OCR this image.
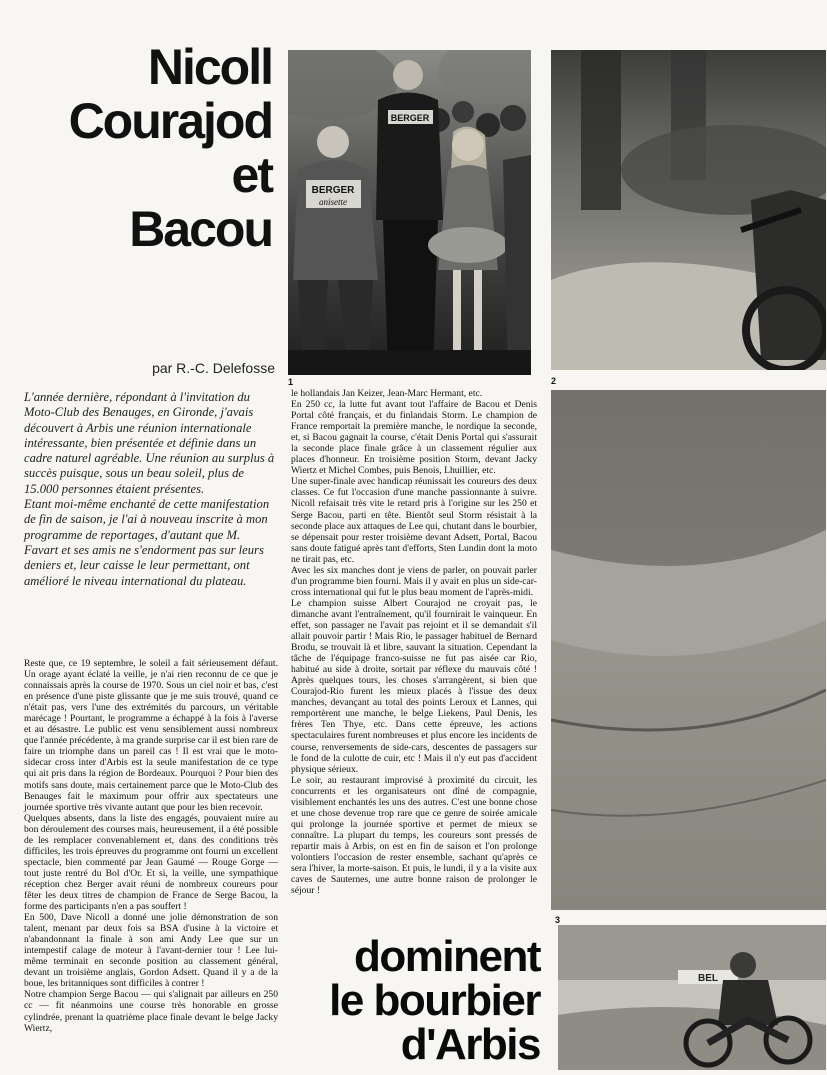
Nicoll
Courajod
et
Bacou
par R.-C. Delefosse
L'année dernière, répondant à l'invitation du Moto-Club des Benauges, en Gironde, j'avais découvert à Arbis une réunion internationale intéressante, bien présentée et définie dans un cadre naturel agréable. Une réunion au surplus à succès puisque, sous un beau soleil, plus de 15.000 personnes étaient présentes.
Etant moi-même enchanté de cette manifestation de fin de saison, je l'ai à nouveau inscrite à mon programme de reportages, d'autant que M. Favart et ses amis ne s'endorment pas sur leurs deniers et, leur caisse le leur permettant, ont amélioré le niveau international du plateau.
Reste que, ce 19 septembre, le soleil a fait sérieusement défaut. Un orage ayant éclaté la veille, je n'ai rien reconnu de ce que je connaissais après la course de 1970. Sous un ciel noir et bas, c'est en présence d'une piste glissante que je me suis trouvé, quand ce n'était pas, vers l'une des extrémités du parcours, un véritable marécage ! Pourtant, le programme a échappé à la fois à l'averse et au désastre. Le public est venu sensiblement aussi nombreux que l'année précédente, à ma grande surprise car il est bien rare de faire un triomphe dans un pareil cas ! Il est vrai que le moto-sidecar cross inter d'Arbis est la seule manifestation de ce type qui ait pris dans la région de Bordeaux. Pourquoi ? Pour bien des motifs sans doute, mais certainement parce que le Moto-Club des Benauges fait le maximum pour offrir aux spectateurs une journée sportive très vivante autant que pour les bien recevoir.
Quelques absents, dans la liste des engagés, pouvaient nuire au bon déroulement des courses mais, heureusement, il a été possible de les remplacer convenablement et, dans des conditions très difficiles, les trois épreuves du programme ont fourni un excellent spectacle, bien commenté par Jean Gaumé — Rouge Gorge — tout juste rentré du Bol d'Or. Et si, la veille, une sympathique réception chez Berger avait réuni de nombreux coureurs pour fêter les deux titres de champion de France de Serge Bacou, la forme des participants n'en a pas souffert !
En 500, Dave Nicoll a donné une jolie démonstration de son talent, menant par deux fois sa BSA d'usine à la victoire et n'abandonnant la finale à son ami Andy Lee que sur un intempestif calage de moteur à l'avant-dernier tour ! Lee lui-même terminait en seconde position au classement général, devant un troisième anglais, Gordon Adsett. Quand il y a de la boue, les britanniques sont difficiles à contrer !
Notre champion Serge Bacou — qui s'alignait par ailleurs en 250 cc — fit néanmoins une course très honorable en grosse cylindrée, prenant la quatrième place finale devant le belge Jacky Wiertz,
le hollandais Jan Keizer, Jean-Marc Hermant, etc.
En 250 cc, la lutte fut avant tout l'affaire de Bacou et Denis Portal côté français, et du finlandais Storm. Le champion de France remportait la première manche, le nordique la seconde, et, si Bacou gagnait la course, c'était Denis Portal qui s'assurait la seconde place finale grâce à un classement régulier aux places d'honneur. En troisième position Storm, devant Jacky Wiertz et Michel Combes, puis Benois, Lhuillier, etc.
Une super-finale avec handicap réunissait les coureurs des deux classes. Ce fut l'occasion d'une manche passionnante à suivre. Nicoll refaisait très vite le retard pris à l'origine sur les 250 et Serge Bacou, parti en tête. Bientôt seul Storm résistait à la seconde place aux attaques de Lee qui, chutant dans le bourbier, se dépensait pour rester troisième devant Adsett, Portal, Bacou sans doute fatigué après tant d'efforts, Sten Lundin dont la moto ne tirait pas, etc.
Avec les six manches dont je viens de parler, on pouvait parler d'un programme bien fourni. Mais il y avait en plus un side-car-cross international qui fut le plus beau moment de l'après-midi.
Le champion suisse Albert Courajod ne croyait pas, le dimanche avant l'entraînement, qu'il fournirait le vainqueur. En effet, son passager ne l'avait pas rejoint et il se demandait s'il allait pouvoir partir ! Mais Rio, le passager habituel de Bernard Brodu, se trouvait là et libre, sauvant la situation. Cependant la tâche de l'équipage franco-suisse ne fut pas aisée car Rio, habitué au side à droite, sortait par réflexe du mauvais côté ! Après quelques tours, les choses s'arrangèrent, si bien que Courajod-Rio furent les mieux placés à l'issue des deux manches, devançant au total des points Leroux et Lannes, qui remportèrent une manche, le belge Liekens, Paul Denis, les frères Ten Thye, etc. Dans cette épreuve, les actions spectaculaires furent nombreuses et plus encore les incidents de course, renversements de side-cars, descentes de passagers sur le fond de la culotte de cuir, etc ! Mais il n'y eut pas d'accident physique sérieux.
Le soir, au restaurant improvisé à proximité du circuit, les concurrents et les organisateurs ont dîné de compagnie, visiblement enchantés les uns des autres. C'est une bonne chose et une chose devenue trop rare que ce genre de soirée amicale qui prolonge la journée sportive et permet de mieux se connaître. La plupart du temps, les coureurs sont pressés de repartir mais à Arbis, on est en fin de saison et l'on prolonge volontiers l'occasion de rester ensemble, sachant qu'après ce sera l'hiver, la morte-saison. Et puis, le lundi, il y a la visite aux caves de Sauternes, une autre bonne raison de prolonger le séjour !
dominent
le bourbier
d'Arbis
BERGER
anisette
BERGER
1	2
3
BEL
